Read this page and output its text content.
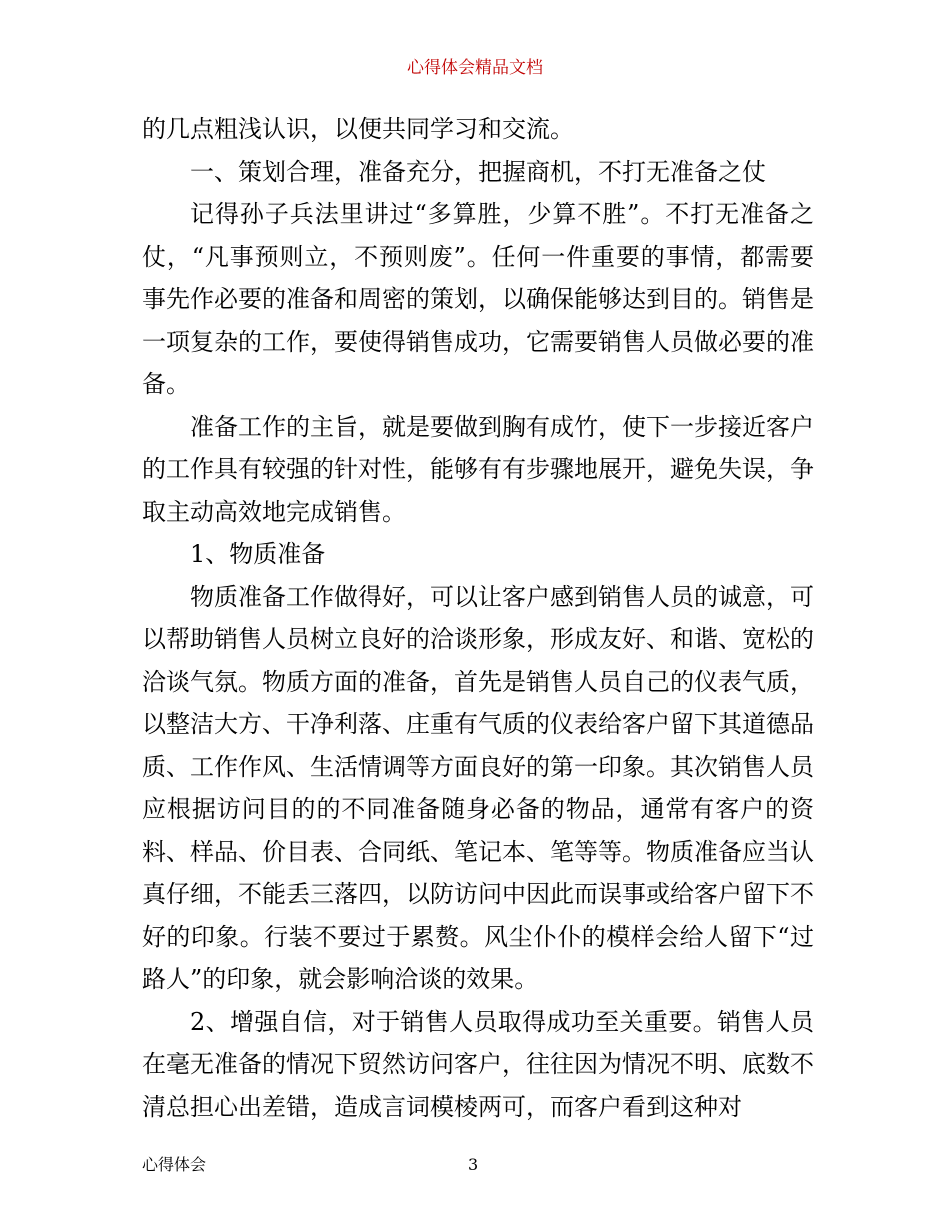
心得体会精品文档

的几点粗浅认识，以便共同学习和交流。

一、策划合理，准备充分，把握商机，不打无准备之仗

记得孙子兵法里讲过“多算胜，少算不胜”。不打无准备之仗，“凡事预则立，不预则废”。任何一件重要的事情，都需要事先作必要的准备和周密的策划，以确保能够达到目的。销售是一项复杂的工作，要使得销售成功，它需要销售人员做必要的准备。

准备工作的主旨，就是要做到胸有成竹，使下一步接近客户的工作具有较强的针对性，能够有有步骤地展开，避免失误，争取主动高效地完成销售。

1、物质准备

物质准备工作做得好，可以让客户感到销售人员的诚意，可以帮助销售人员树立良好的洽谈形象，形成友好、和谐、宽松的洽谈气氛。物质方面的准备，首先是销售人员自己的仪表气质，以整洁大方、干净利落、庄重有气质的仪表给客户留下其道德品质、工作作风、生活情调等方面良好的第一印象。其次销售人员应根据访问目的的不同准备随身必备的物品，通常有客户的资料、样品、价目表、合同纸、笔记本、笔等等。物质准备应当认真仔细，不能丢三落四，以防访问中因此而误事或给客户留下不好的印象。行装不要过于累赘。风尘仆仆的模样会给人留下“过路人”的印象，就会影响洽谈的效果。

2、增强自信，对于销售人员取得成功至关重要。销售人员在毫无准备的情况下贸然访问客户，往往因为情况不明、底数不清总担心出差错，造成言词模棱两可，而客户看到这种对

心得体会	3
